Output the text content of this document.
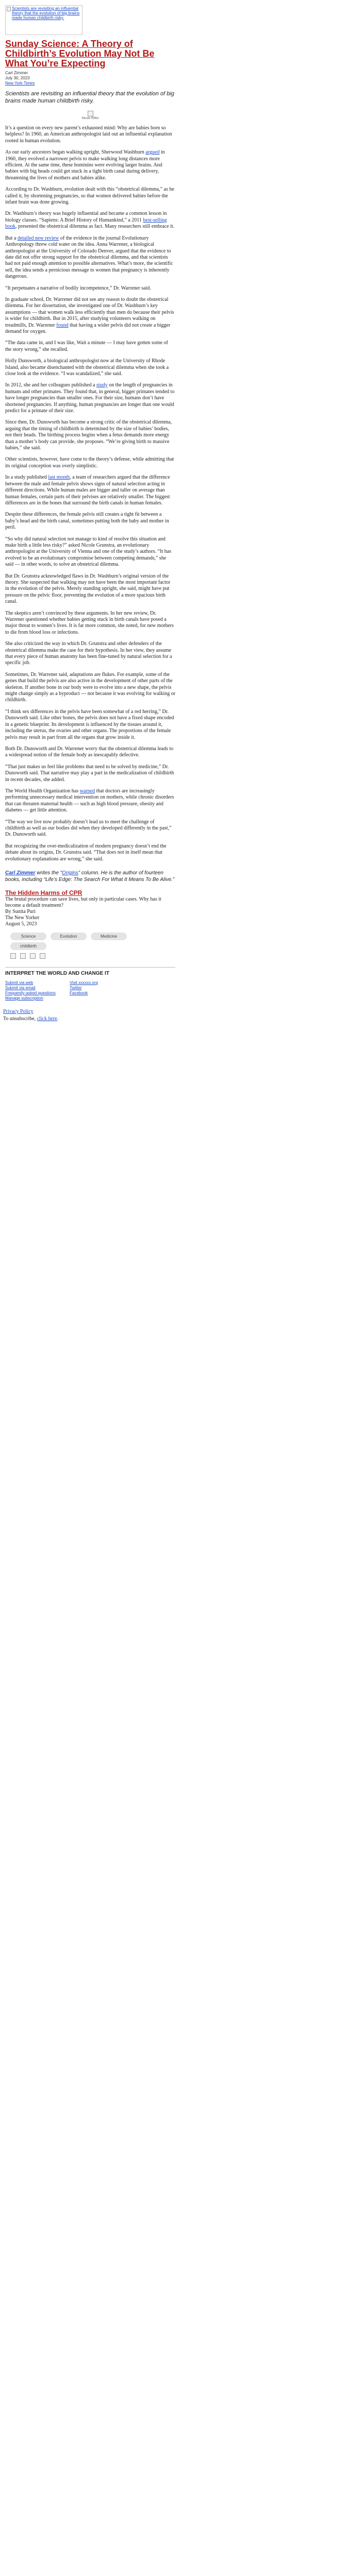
Scientists are revisiting an influential theory that the evolution of big brains made human childbirth risky.
Sunday Science: A Theory of Childbirth’s Evolution May Not Be What You’re Expecting
Carl Zimmer
July 30, 2023
New York Times

Scientists are revisiting an influential theory that the evolution of big brains made human childbirth risky.

Nicole Rifkin

It’s a question on every new parent’s exhausted mind: Why are babies born so helpless? In 1960, an American anthropologist laid out an influential explanation rooted in human evolution.

As our early ancestors began walking upright, Sherwood Washburn argued in 1960, they evolved a narrower pelvis to make walking long distances more efficient. At the same time, these hominins were evolving larger brains. And babies with big heads could get stuck in a tight birth canal during delivery, threatening the lives of mothers and babies alike.

According to Dr. Washburn, evolution dealt with this “obstetrical dilemma,” as he called it, by shortening pregnancies, so that women delivered babies before the infant brain was done growing.

Dr. Washburn’s theory was hugely influential and became a common lesson in biology classes. “Sapiens: A Brief History of Humankind,” a 2011 best-selling book, presented the obstetrical dilemma as fact. Many researchers still embrace it.

But a detailed new review of the evidence in the journal Evolutionary Anthropology threw cold water on the idea. Anna Warrener, a biological anthropologist at the University of Colorado Denver, argued that the evidence to date did not offer strong support for the obstetrical dilemma, and that scientists had not paid enough attention to possible alternatives. What’s more, the scientific sell, the idea sends a pernicious message to women that pregnancy is inherently dangerous.

“It perpetuates a narrative of bodily incompetence,” Dr. Warrener said.

In graduate school, Dr. Warrener did not see any reason to doubt the obstetrical dilemma. For her dissertation, she investigated one of Dr. Washburn’s key assumptions — that women walk less efficiently than men do because their pelvis is wider for childbirth. But in 2015, after studying volunteers walking on treadmills, Dr. Warrener found that having a wider pelvis did not create a bigger demand for oxygen.

“The data came in, and I was like, Wait a minute — I may have gotten some of the story wrong,” she recalled.

Holly Dunsworth, a biological anthropologist now at the University of Rhode Island, also became disenchanted with the obstetrical dilemma when she took a close look at the evidence. “I was scandalized,” she said.

In 2012, she and her colleagues published a study on the length of pregnancies in humans and other primates. They found that, in general, bigger primates tended to have longer pregnancies than smaller ones. For their size, humans don’t have shortened pregnancies. If anything, human pregnancies are longer than one would predict for a primate of their size.

Since then, Dr. Dunsworth has become a strong critic of the obstetrical dilemma, arguing that the timing of childbirth is determined by the size of babies’ bodies, not their heads. The birthing process begins when a fetus demands more energy than a mother’s body can provide, she proposes. “We’re giving birth to massive babies,” she said.

Other scientists, however, have come to the theory’s defense, while admitting that its original conception was overly simplistic.

In a study published last month, a team of researchers argued that the difference between the male and female pelvis shows signs of natural selection acting in different directions. While human males are bigger and taller on average than human females, certain parts of their pelvises are relatively smaller. The biggest differences are in the bones that surround the birth canals in human females.

Despite these differences, the female pelvis still creates a tight fit between a baby’s head and the birth canal, sometimes putting both the baby and mother in peril.

“So why did natural selection not manage to kind of resolve this situation and make birth a little less risky?” asked Nicole Grunstra, an evolutionary anthropologist at the University of Vienna and one of the study’s authors. “It has evolved to be an evolutionary compromise between competing demands,” she said — in other words, to solve an obstetrical dilemma.

But Dr. Grunstra acknowledged flaws in Dr. Washburn’s original version of the theory. She suspected that walking may not have been the most important factor in the evolution of the pelvis. Merely standing upright, she said, might have put pressure on the pelvic floor, preventing the evolution of a more spacious birth canal.

The skeptics aren’t convinced by these arguments. In her new review, Dr. Warrener questioned whether babies getting stuck in birth canals have posed a major threat to women’s lives. It is far more common, she noted, for new mothers to die from blood loss or infections.

She also criticized the way in which Dr. Grunstra and other defenders of the obstetrical dilemma make the case for their hypothesis. In her view, they assume that every piece of human anatomy has been fine-tuned by natural selection for a specific job.

Sometimes, Dr. Warrener said, adaptations are flukes. For example, some of the genes that build the pelvis are also active in the development of other parts of the skeleton. If another bone in our body were to evolve into a new shape, the pelvis might change simply as a byproduct — not because it was evolving for walking or childbirth.

“I think sex differences in the pelvis have been somewhat of a red herring,” Dr. Dunsworth said. Like other bones, the pelvis does not have a fixed shape encoded in a genetic blueprint. Its development is influenced by the tissues around it, including the uterus, the ovaries and other organs. The proportions of the female pelvis may result in part from all the organs that grow inside it.

Both Dr. Dunsworth and Dr. Warrener worry that the obstetrical dilemma leads to a widespread notion of the female body as inescapably defective.

“That just makes us feel like problems that need to be solved by medicine,” Dr. Dunsworth said. That narrative may play a part in the medicalization of childbirth in recent decades, she added.

The World Health Organization has warned that doctors are increasingly performing unnecessary medical intervention on mothers, while chronic disorders that can threaten maternal health — such as high blood pressure, obesity and diabetes — get little attention.

“The way we live now probably doesn’t lead us to meet the challenge of childbirth as well as our bodies did when they developed differently in the past,” Dr. Dunsworth said.

But recognizing the over-medicalization of modern pregnancy doesn’t end the debate about its origins, Dr. Grunstra said. “That does not in itself mean that evolutionary explanations are wrong,” she said.

Carl Zimmer writes the “Origins” column. He is the author of fourteen books, including “Life’s Edge: The Search For What It Means To Be Alive.”
The Hidden Harms of CPR
The brutal procedure can save lives, but only in particular cases. Why has it become a default treatment?
By Sunita Puri
The New Yorker
August 5, 2023
Science	Evolution	Medicine
childbirth
INTERPRET THE WORLD AND CHANGE IT
Submit via web
Submit via email
Frequently asked questions
Manage subscription
Visit xxxxxx.org
Twitter
Facebook
Privacy Policy
To unsubscribe, click here.
